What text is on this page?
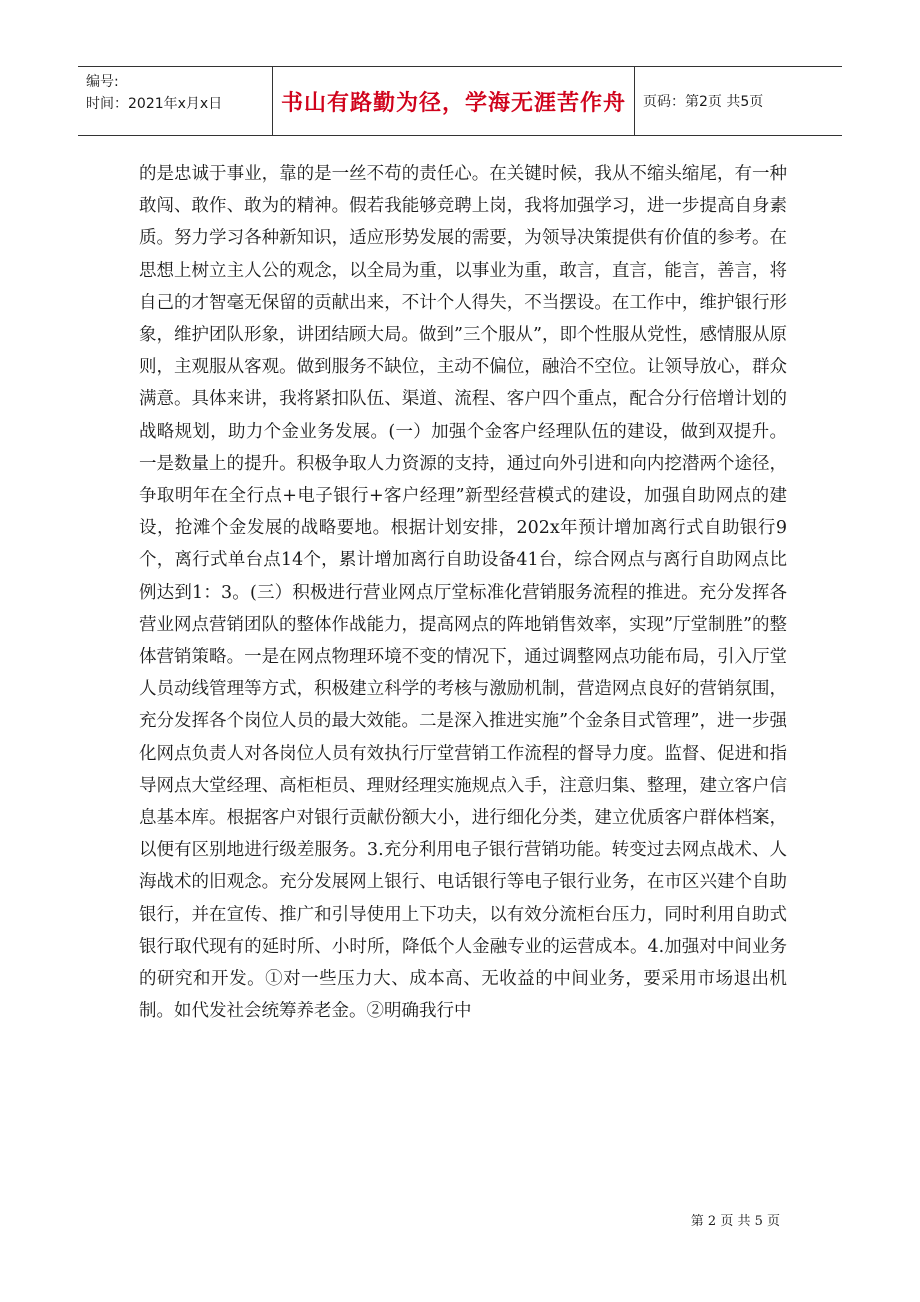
编号:
时间：2021年x月x日	书山有路勤为径，学海无涯苦作舟	页码：第2页 共5页

的是忠诚于事业，靠的是一丝不苟的责任心。在关键时候，我从不缩头缩尾，有一种敢闯、敢作、敢为的精神。假若我能够竞聘上岗，我将加强学习，进一步提高自身素质。努力学习各种新知识，适应形势发展的需要，为领导决策提供有价值的参考。在思想上树立主人公的观念，以全局为重，以事业为重，敢言，直言，能言，善言，将自己的才智毫无保留的贡献出来，不计个人得失，不当摆设。在工作中，维护银行形象，维护团队形象，讲团结顾大局。做到”三个服从”，即个性服从党性，感情服从原则，主观服从客观。做到服务不缺位，主动不偏位，融洽不空位。让领导放心，群众满意。具体来讲，我将紧扣队伍、渠道、流程、客户四个重点，配合分行倍增计划的战略规划，助力个金业务发展。(一）加强个金客户经理队伍的建设，做到双提升。一是数量上的提升。积极争取人力资源的支持，通过向外引进和向内挖潜两个途径，争取明年在全行点+电子银行+客户经理”新型经营模式的建设，加强自助网点的建设，抢滩个金发展的战略要地。根据计划安排，202x年预计增加离行式自助银行9个，离行式单台点14个，累计增加离行自助设备41台，综合网点与离行自助网点比例达到1：3。(三）积极进行营业网点厅堂标准化营销服务流程的推进。充分发挥各营业网点营销团队的整体作战能力，提高网点的阵地销售效率，实现”厅堂制胜”的整体营销策略。一是在网点物理环境不变的情况下，通过调整网点功能布局，引入厅堂人员动线管理等方式，积极建立科学的考核与激励机制，营造网点良好的营销氛围，充分发挥各个岗位人员的最大效能。二是深入推进实施”个金条目式管理”，进一步强化网点负责人对各岗位人员有效执行厅堂营销工作流程的督导力度。监督、促进和指导网点大堂经理、高柜柜员、理财经理实施规点入手，注意归集、整理，建立客户信息基本库。根据客户对银行贡献份额大小，进行细化分类，建立优质客户群体档案，以便有区别地进行级差服务。3.充分利用电子银行营销功能。转变过去网点战术、人海战术的旧观念。充分发展网上银行、电话银行等电子银行业务，在市区兴建个自助银行，并在宣传、推广和引导使用上下功夫，以有效分流柜台压力，同时利用自助式银行取代现有的延时所、小时所，降低个人金融专业的运营成本。4.加强对中间业务的研究和开发。①对一些压力大、成本高、无收益的中间业务，要采用市场退出机制。如代发社会统筹养老金。②明确我行中

第 2 页 共 5 页
